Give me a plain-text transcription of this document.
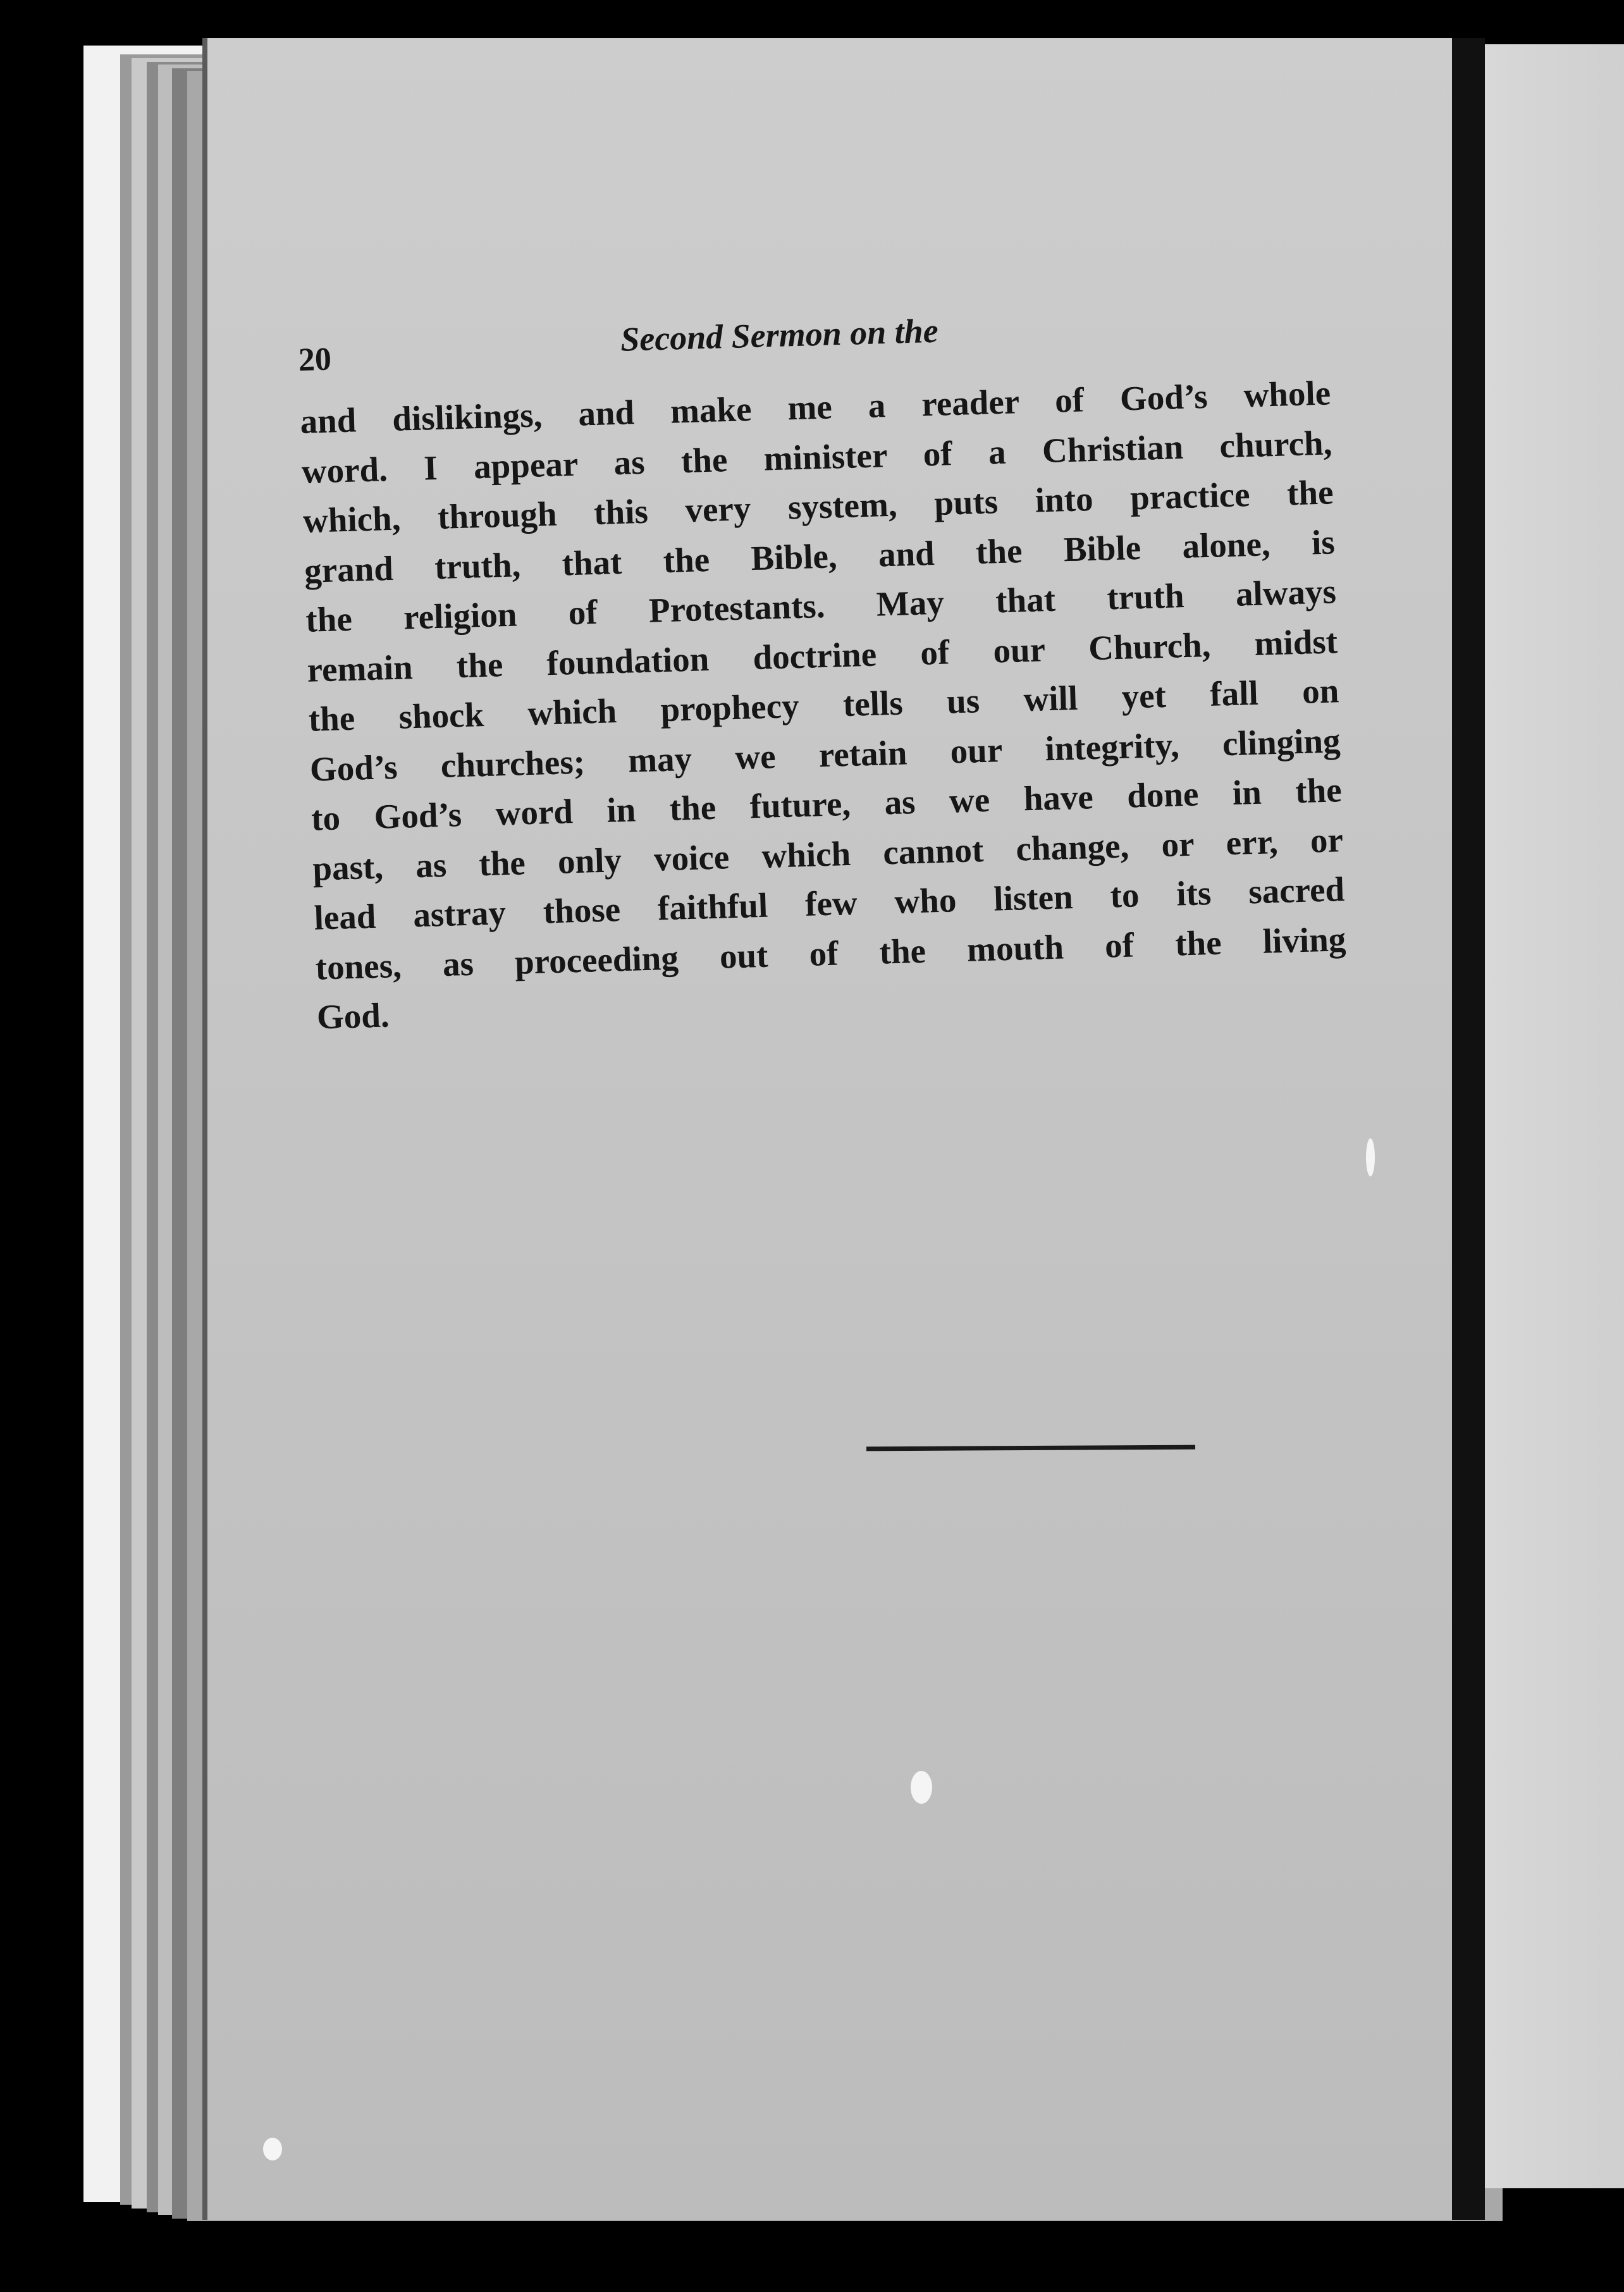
20
Second Sermon on the
and dislikings, and make me a reader of God’s whole
word. I appear as the minister of a Christian church,
which, through this very system, puts into practice the
grand truth, that the Bible, and the Bible alone, is
the religion of Protestants. May that truth always
remain the foundation doctrine of our Church, midst
the shock which prophecy tells us will yet fall on
God’s churches; may we retain our integrity, clinging
to God’s word in the future, as we have done in the
past, as the only voice which cannot change, or err, or
lead astray those faithful few who listen to its sacred
tones, as proceeding out of the mouth of the living
God.
